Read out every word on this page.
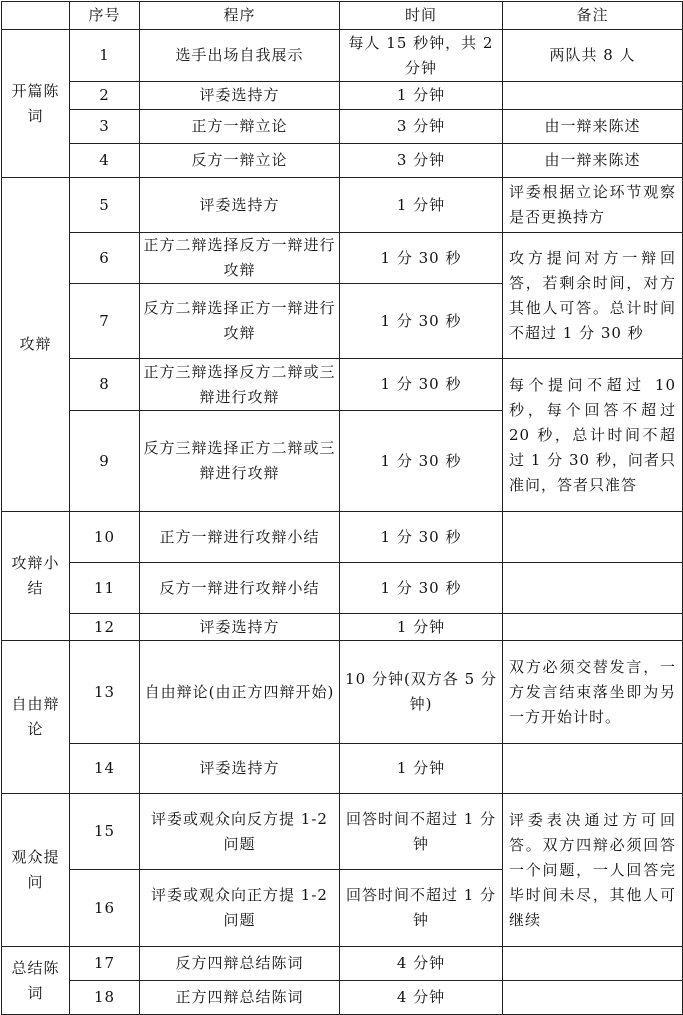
	序号	程序	时间	备注
开篇陈词	1	选手出场自我展示	每人 15 秒钟，共 2 分钟	两队共 8 人
	2	评委选持方	1 分钟	
	3	正方一辩立论	3 分钟	由一辩来陈述
	4	反方一辩立论	3 分钟	由一辩来陈述
攻辩	5	评委选持方	1 分钟	评委根据立论环节观察是否更换持方
	6	正方二辩选择反方一辩进行攻辩	1 分 30 秒	攻方提问对方一辩回答，若剩余时间，对方其他人可答。总计时间不超过 1 分 30 秒
	7	反方二辩选择正方一辩进行攻辩	1 分 30 秒	
	8	正方三辩选择反方二辩或三辩进行攻辩	1 分 30 秒	每个提问不超过 10 秒，每个回答不超过 20 秒，总计时间不超过 1 分 30 秒，问者只准问，答者只准答
	9	反方三辩选择正方二辩或三辩进行攻辩	1 分 30 秒	
攻辩小结	10	正方一辩进行攻辩小结	1 分 30 秒	
	11	反方一辩进行攻辩小结	1 分 30 秒	
	12	评委选持方	1 分钟	
自由辩论	13	自由辩论(由正方四辩开始)	10 分钟(双方各 5 分钟)	双方必须交替发言，一方发言结束落坐即为另一方开始计时。
	14	评委选持方	1 分钟	
观众提问	15	评委或观众向反方提 1-2 问题	回答时间不超过 1 分钟	评委表决通过方可回答。双方四辩必须回答一个问题，一人回答完毕时间未尽，其他人可继续
	16	评委或观众向正方提 1-2 问题	回答时间不超过 1 分钟	
总结陈词	17	反方四辩总结陈词	4 分钟	
	18	正方四辩总结陈词	4 分钟	
